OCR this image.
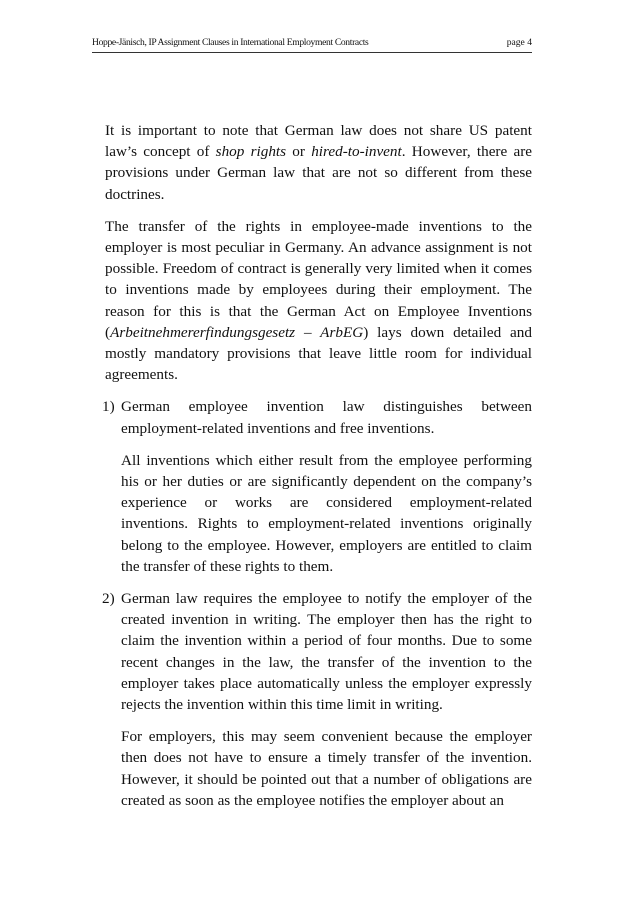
Hoppe-Jänisch, IP Assignment Clauses in International Employment Contracts	page 4

It is important to note that German law does not share US patent law’s concept of shop rights or hired-to-invent. However, there are provisions under German law that are not so different from these doctrines.

The transfer of the rights in employee-made inventions to the employer is most peculiar in Germany. An advance assignment is not possible. Freedom of contract is generally very limited when it comes to inventions made by employees during their employment. The reason for this is that the German Act on Employee Inventions (Arbeitnehmererfindungsgesetz – ArbEG) lays down detailed and mostly mandatory provisions that leave little room for individual agreements.

1) German employee invention law distinguishes between employment-related inventions and free inventions.

All inventions which either result from the employee performing his or her duties or are significantly dependent on the company’s experience or works are considered employment-related inventions. Rights to employment-related inventions originally belong to the employee. However, employers are entitled to claim the transfer of these rights to them.

2) German law requires the employee to notify the employer of the created invention in writing. The employer then has the right to claim the invention within a period of four months. Due to some recent changes in the law, the transfer of the invention to the employer takes place automatically unless the employer expressly rejects the invention within this time limit in writing.

For employers, this may seem convenient because the employer then does not have to ensure a timely transfer of the invention. However, it should be pointed out that a number of obligations are created as soon as the employee notifies the employer about an
